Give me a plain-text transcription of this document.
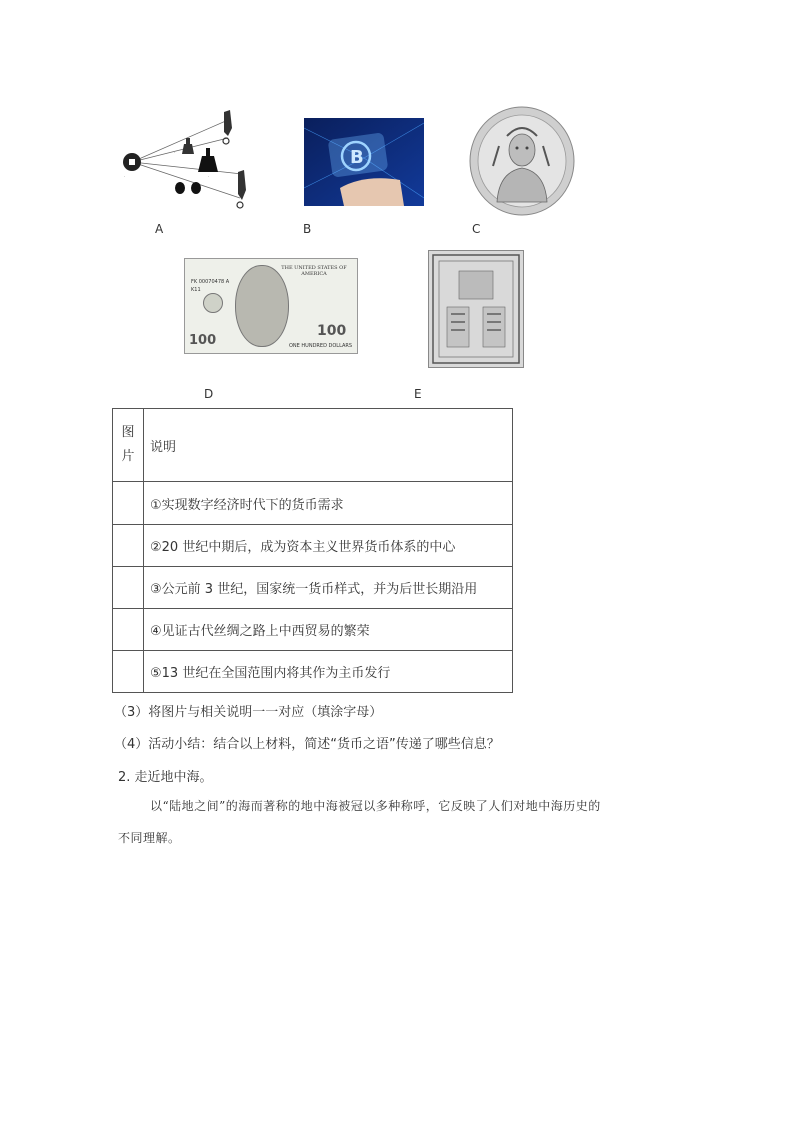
·
·
·
A
B
B	C
THE UNITED STATES OF AMERICA
K11
FK 00070478 A
100
100	ONE HUNDRED DOLLARS
D	E
图片	说明
	①实现数字经济时代下的货币需求
	②20 世纪中期后，成为资本主义世界货币体系的中心
	③公元前 3 世纪，国家统一货币样式，并为后世长期沿用
	④见证古代丝绸之路上中西贸易的繁荣
	⑤13 世纪在全国范围内将其作为主币发行
（3）将图片与相关说明一一对应（填涂字母）
（4）活动小结：结合以上材料，简述“货币之语”传递了哪些信息？
2. 走近地中海。
以“陆地之间”的海而著称的地中海被冠以多种称呼，它反映了人们对地中海历史的
不同理解。
